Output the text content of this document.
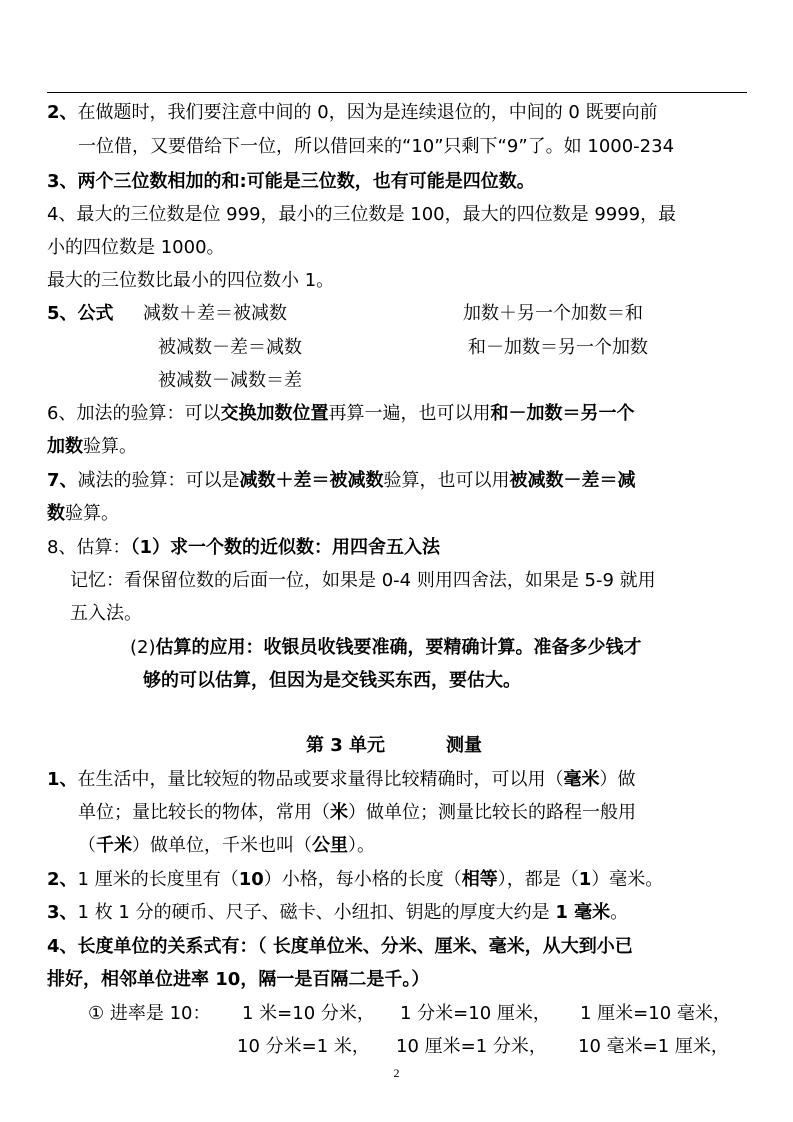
2、在做题时，我们要注意中间的 0，因为是连续退位的，中间的 0 既要向前
一位借，又要借给下一位，所以借回来的“10”只剩下“9”了。如 1000-234
3、两个三位数相加的和:可能是三位数，也有可能是四位数。
4、最大的三位数是位 999，最小的三位数是 100，最大的四位数是 9999，最
小的四位数是 1000。
最大的三位数比最小的四位数小 1。
5、公式 减数＋差＝被减数	加数＋另一个加数＝和
被减数－差＝减数	和－加数＝另一个加数
被减数－减数＝差
6、加法的验算：可以交换加数位置再算一遍，也可以用和－加数＝另一个
加数验算。
7、减法的验算：可以是减数＋差＝被减数验算，也可以用被减数－差＝减
数验算。
8、估算：（1）求一个数的近似数：用四舍五入法
记忆：看保留位数的后面一位，如果是 0-4 则用四舍法，如果是 5-9 就用
五入法。
(2)估算的应用：收银员收钱要准确，要精确计算。准备多少钱才
够的可以估算，但因为是交钱买东西，要估大。
1、在生活中，量比较短的物品或要求量得比较精确时，可以用（毫米）做
单位；量比较长的物体，常用（米）做单位；测量比较长的路程一般用
（千米）做单位，千米也叫（公里）。
2、1 厘米的长度里有（10）小格，每小格的长度（相等），都是（1）毫米。
3、1 枚 1 分的硬币、尺子、磁卡、小纽扣、钥匙的厚度大约是 1 毫米。
4、长度单位的关系式有：（ 长度单位米、分米、厘米、毫米，从大到小已
排好，相邻单位进率 10，隔一是百隔二是千。）
① 进率是 10： 1 米=10 分米， 1 分米=10 厘米， 1 厘米=10 毫米，
10 分米=1 米， 10 厘米=1 分米， 10 毫米=1 厘米，
第 3 单元	测量
2
